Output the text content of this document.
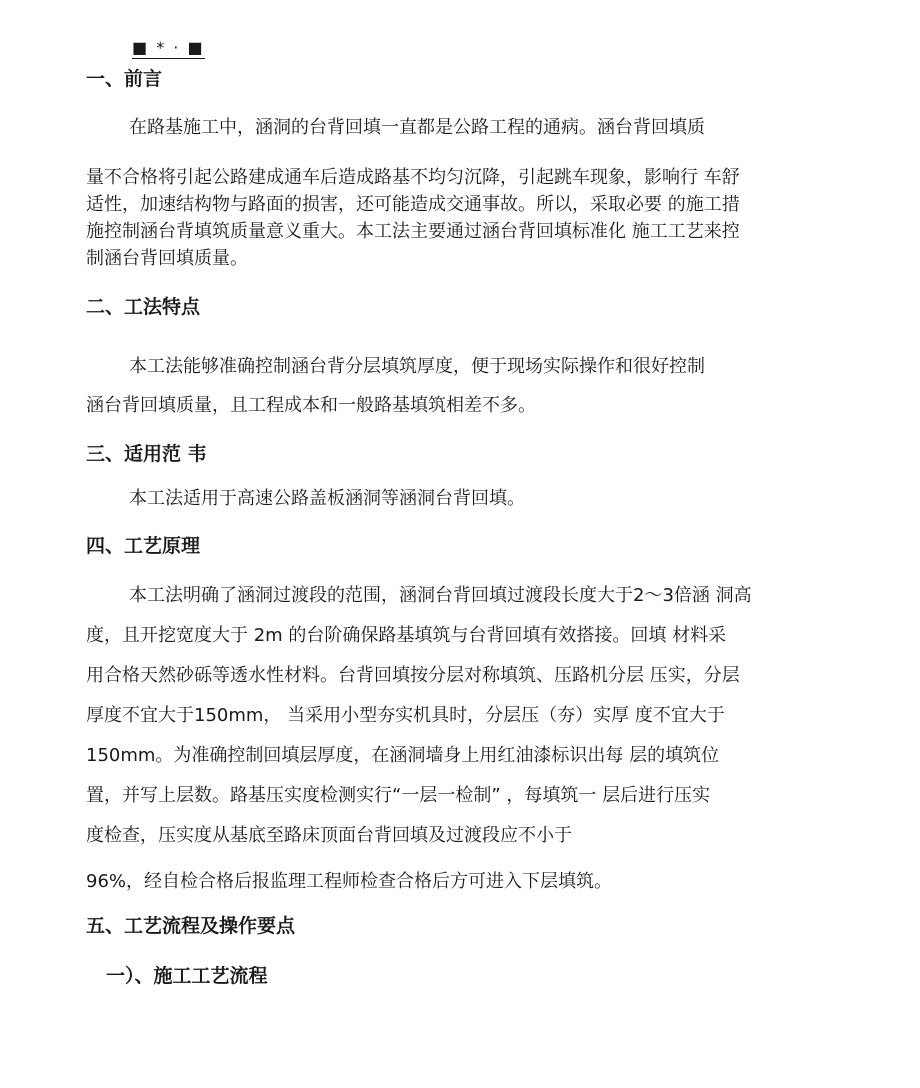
■ * · ■
一、前言
在路基施工中，涵洞的台背回填一直都是公路工程的通病。涵台背回填质
量不合格将引起公路建成通车后造成路基不均匀沉降，引起跳车现象，影响行 车舒
适性，加速结构物与路面的损害，还可能造成交通事故。所以，采取必要 的施工措
施控制涵台背填筑质量意义重大。本工法主要通过涵台背回填标准化 施工工艺来控
制涵台背回填质量。
二、工法特点
本工法能够准确控制涵台背分层填筑厚度，便于现场实际操作和很好控制
涵台背回填质量，且工程成本和一般路基填筑相差不多。
三、适用范 韦
本工法适用于高速公路盖板涵洞等涵洞台背回填。
四、工艺原理
本工法明确了涵洞过渡段的范围，涵洞台背回填过渡段长度大于2〜3倍涵 洞高
度，且开挖宽度大于 2m 的台阶确保路基填筑与台背回填有效搭接。回填 材料采
用合格天然砂砾等透水性材料。台背回填按分层对称填筑、压路机分层 压实，分层
厚度不宜大于150mm， 当采用小型夯实机具时，分层压（夯）实厚 度不宜大于
150mm。为准确控制回填层厚度，在涵洞墙身上用红油漆标识出每 层的填筑位
置，并写上层数。路基压实度检测实行“一层一检制” ，每填筑一 层后进行压实
度检查，压实度从基底至路床顶面台背回填及过渡段应不小于
96%，经自检合格后报监理工程师检查合格后方可进入下层填筑。
五、工艺流程及操作要点
一）、施工工艺流程
